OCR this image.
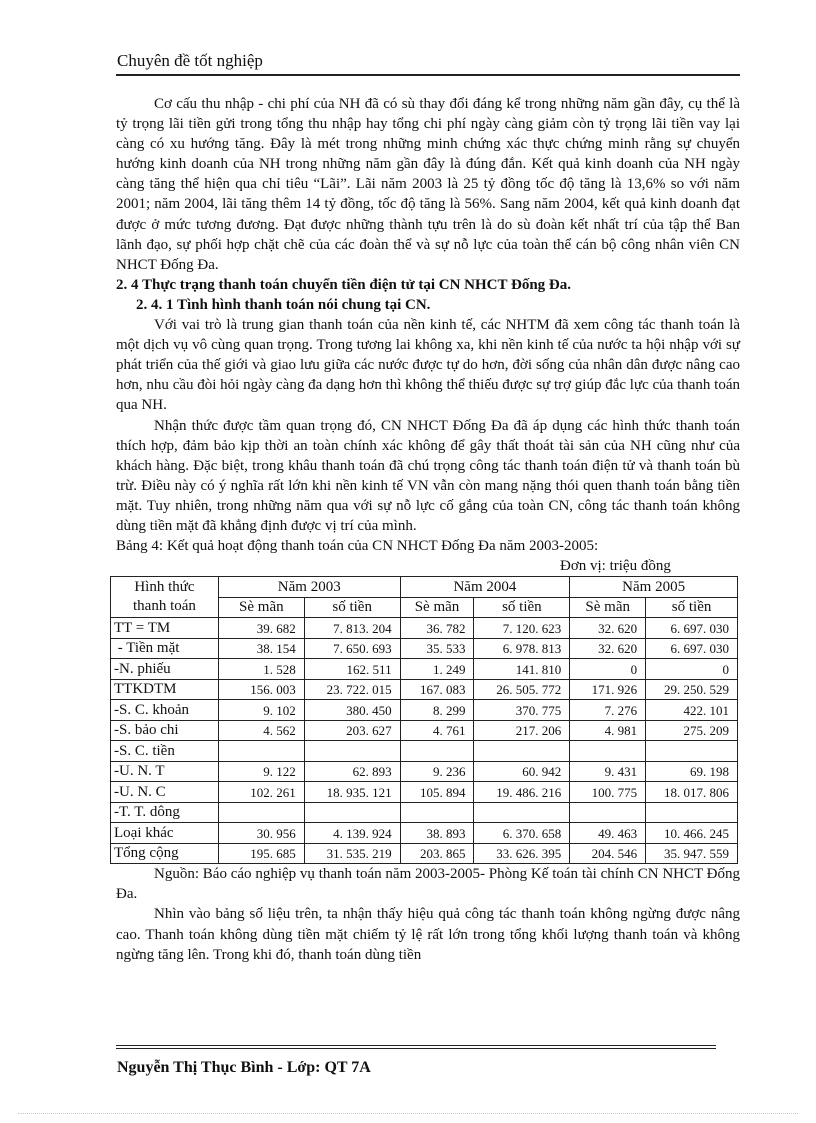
Chuyên đề tốt nghiệp

Cơ cấu thu nhập - chi phí của NH đã có sù thay đổi đáng kể trong những năm gần đây, cụ thể là tỷ trọng lãi tiền gửi trong tổng thu nhập hay tổng chi phí ngày càng giảm còn tỷ trọng lãi tiền vay lại càng có xu hướng tăng. Đây là mét trong những minh chứng xác thực chứng minh rằng sự chuyển hướng kinh doanh của NH trong những năm gần đây là đúng đắn. Kết quả kinh doanh của NH ngày càng tăng thể hiện qua chỉ tiêu “Lãi”. Lãi năm 2003 là 25 tỷ đồng tốc độ tăng là 13,6% so với năm 2001; năm 2004, lãi tăng thêm 14 tỷ đồng, tốc độ tăng là 56%. Sang năm 2004, kết quả kinh doanh đạt được ở mức tương đương. Đạt được những thành tựu trên là do sù đoàn kết nhất trí của tập thể Ban lãnh đạo, sự phối hợp chặt chẽ của các đoàn thể và sự nỗ lực của toàn thể cán bộ công nhân viên CN NHCT Đống Đa.

2. 4 Thực trạng thanh toán chuyển tiền điện tử tại CN NHCT Đống Đa.

2. 4. 1 Tình hình thanh toán nói chung tại CN.

Với vai trò là trung gian thanh toán của nền kinh tế, các NHTM đã xem công tác thanh toán là một dịch vụ vô cùng quan trọng. Trong tương lai không xa, khi nền kinh tế của nước ta hội nhập với sự phát triển của thế giới và giao lưu giữa các nước được tự do hơn, đời sống của nhân dân được nâng cao hơn, nhu cầu đòi hỏi ngày càng đa dạng hơn thì không thể thiếu được sự trợ giúp đắc lực của thanh toán qua NH.

Nhận thức được tầm quan trọng đó, CN NHCT Đống Đa đã áp dụng các hình thức thanh toán thích hợp, đảm bảo kịp thời an toàn chính xác không để gây thất thoát tài sản của NH cũng như của khách hàng. Đặc biệt, trong khâu thanh toán đã chú trọng công tác thanh toán điện tử và thanh toán bù trừ. Điều này có ý nghĩa rất lớn khi nền kinh tế VN vẫn còn mang nặng thói quen thanh toán bằng tiền mặt. Tuy nhiên, trong những năm qua với sự nỗ lực cố gắng của toàn CN, công tác thanh toán không dùng tiền mặt đã khẳng định được vị trí của mình.

Bảng 4: Kết quả hoạt động thanh toán của CN NHCT Đống Đa năm 2003-2005:

Đơn vị: triệu đồng

Hình thức
thanh toán	Năm 2003		Năm 2004		Năm 2005	
	Sè mãn	số tiền	Sè mãn	số tiền	Sè mãn	số tiền
TT = TM	39. 682	7. 813. 204	36. 782	7. 120. 623	32. 620	6. 697. 030
- Tiền mặt	38. 154	7. 650. 693	35. 533	6. 978. 813	32. 620	6. 697. 030
-N. phiếu	1. 528	162. 511	1. 249	141. 810	0	0
TTKDTM	156. 003	23. 722. 015	167. 083	26. 505. 772	171. 926	29. 250. 529
-S. C. khoản	9. 102	380. 450	8. 299	370. 775	7. 276	422. 101
-S. bảo chi	4. 562	203. 627	4. 761	217. 206	4. 981	275. 209
-S. C. tiền						
-U. N. T	9. 122	62. 893	9. 236	60. 942	9. 431	69. 198
-U. N. C	102. 261	18. 935. 121	105. 894	19. 486. 216	100. 775	18. 017. 806
-T. T. dông						
Loại khác	30. 956	4. 139. 924	38. 893	6. 370. 658	49. 463	10. 466. 245
Tổng cộng	195. 685	31. 535. 219	203. 865	33. 626. 395	204. 546	35. 947. 559

Nguồn: Báo cáo nghiệp vụ thanh toán năm 2003-2005- Phòng Kế toán tài chính CN NHCT Đống Đa.

Nhìn vào bảng số liệu trên, ta nhận thấy hiệu quả công tác thanh toán không ngừng được nâng cao. Thanh toán không dùng tiền mặt chiếm tỷ lệ rất lớn trong tổng khối lượng thanh toán và không ngừng tăng lên. Trong khi đó, thanh toán dùng tiền

Nguyễn Thị Thục Bình - Lớp: QT 7A
